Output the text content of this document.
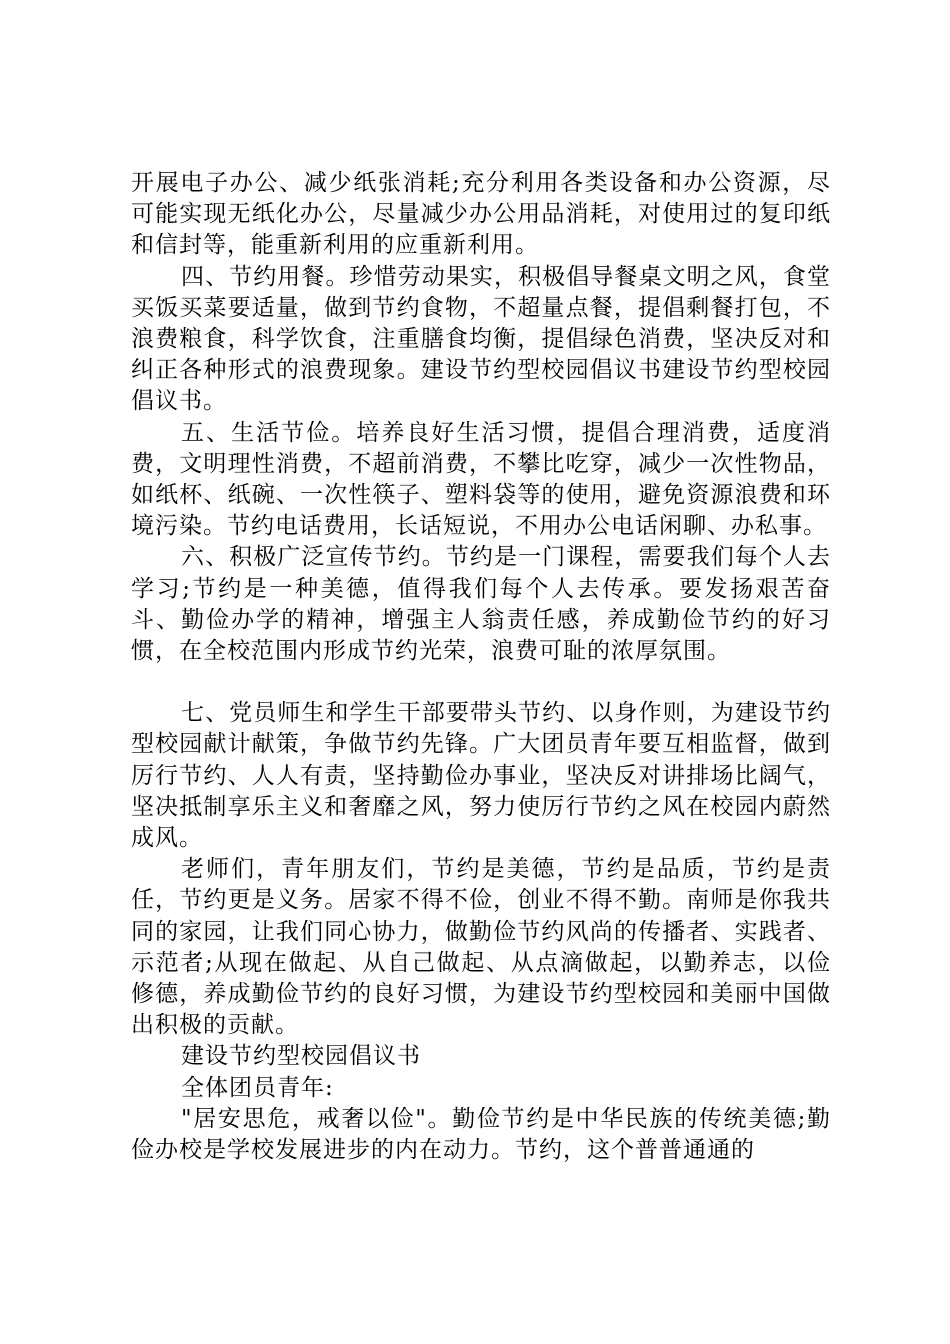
开展电子办公、减少纸张消耗;充分利用各类设备和办公资源，尽可能实现无纸化办公，尽量减少办公用品消耗，对使用过的复印纸和信封等，能重新利用的应重新利用。

四、节约用餐。珍惜劳动果实，积极倡导餐桌文明之风，食堂买饭买菜要适量，做到节约食物，不超量点餐，提倡剩餐打包，不浪费粮食，科学饮食，注重膳食均衡，提倡绿色消费，坚决反对和纠正各种形式的浪费现象。建设节约型校园倡议书建设节约型校园倡议书。

五、生活节俭。培养良好生活习惯，提倡合理消费，适度消费，文明理性消费，不超前消费，不攀比吃穿，减少一次性物品，如纸杯、纸碗、一次性筷子、塑料袋等的使用，避免资源浪费和环境污染。节约电话费用，长话短说，不用办公电话闲聊、办私事。

六、积极广泛宣传节约。节约是一门课程，需要我们每个人去学习;节约是一种美德，值得我们每个人去传承。要发扬艰苦奋斗、勤俭办学的精神，增强主人翁责任感，养成勤俭节约的好习惯，在全校范围内形成节约光荣，浪费可耻的浓厚氛围。

七、党员师生和学生干部要带头节约、以身作则，为建设节约型校园献计献策，争做节约先锋。广大团员青年要互相监督，做到厉行节约、人人有责，坚持勤俭办事业，坚决反对讲排场比阔气，坚决抵制享乐主义和奢靡之风，努力使厉行节约之风在校园内蔚然成风。

老师们，青年朋友们，节约是美德，节约是品质，节约是责任，节约更是义务。居家不得不俭，创业不得不勤。南师是你我共同的家园，让我们同心协力，做勤俭节约风尚的传播者、实践者、示范者;从现在做起、从自己做起、从点滴做起，以勤养志，以俭修德，养成勤俭节约的良好习惯，为建设节约型校园和美丽中国做出积极的贡献。

建设节约型校园倡议书

全体团员青年:

"居安思危，戒奢以俭"。勤俭节约是中华民族的传统美德;勤俭办校是学校发展进步的内在动力。节约，这个普普通通的
